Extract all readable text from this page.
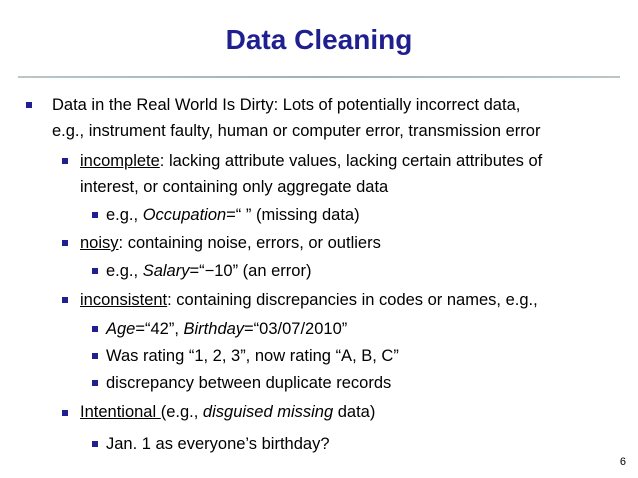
Data Cleaning
Data in the Real World Is Dirty: Lots of potentially incorrect data,
e.g., instrument faulty, human or computer error, transmission error
incomplete: lacking attribute values, lacking certain attributes of
interest, or containing only aggregate data
e.g., Occupation=“ ” (missing data)
noisy: containing noise, errors, or outliers
e.g., Salary=“−10” (an error)
inconsistent: containing discrepancies in codes or names, e.g.,
Age=“42”, Birthday=“03/07/2010”
Was rating “1, 2, 3”, now rating “A, B, C”
discrepancy between duplicate records
Intentional (e.g., disguised missing data)
Jan. 1 as everyone’s birthday?
6
